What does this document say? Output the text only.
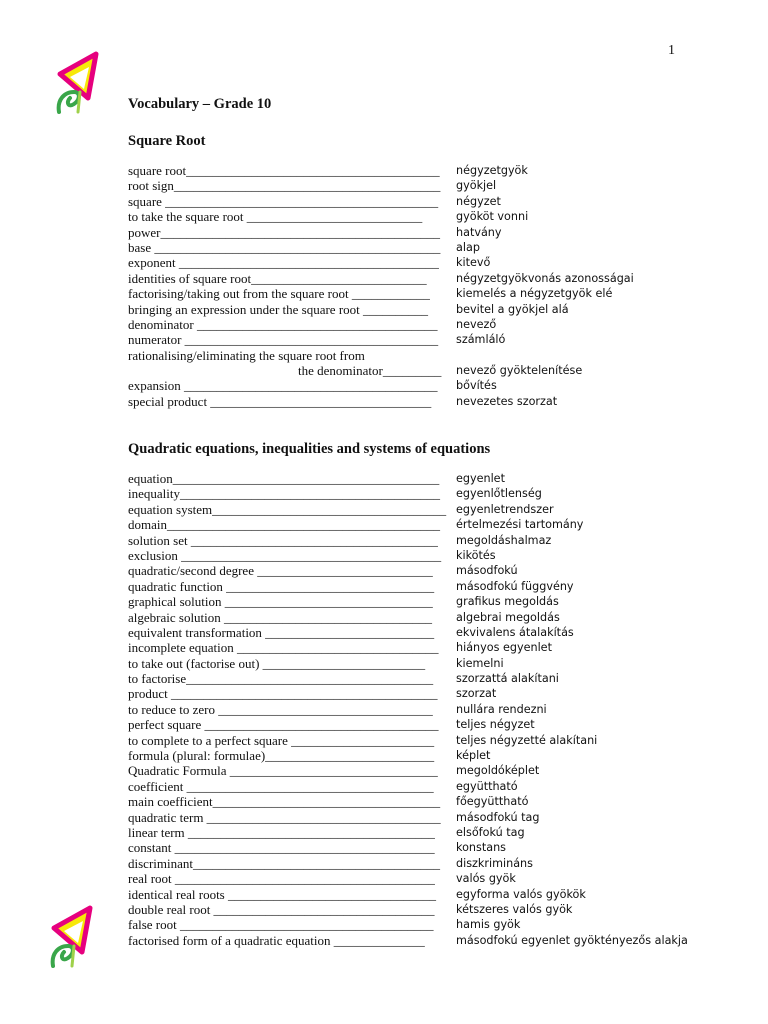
1
Vocabulary – Grade 10
Square Root
square root_______________________________________ négyzetgyök
root sign_________________________________________ gyökjel
square __________________________________________ négyzet
to take the square root ___________________________	gyököt vonni
power___________________________________________ hatvány
base ____________________________________________ alap
exponent ________________________________________ kitevő
identities of square root___________________________	négyzetgyökvonás azonosságai
factorising/taking out from the square root ____________ kiemelés a négyzetgyök elé
bringing an expression under the square root __________ bevitel a gyökjel alá
denominator _____________________________________ nevező
numerator _______________________________________ számláló
rationalising/eliminating the square root from
the denominator_________ nevező gyöktelenítése
expansion _______________________________________ bővítés
special product __________________________________ nevezetes szorzat
Quadratic equations, inequalities and systems of equations
equation_________________________________________ egyenlet
inequality________________________________________ egyenlőtlenség
equation system____________________________________ egyenletrendszer
domain__________________________________________ értelmezési tartomány
solution set ______________________________________ megoldáshalmaz
exclusion ________________________________________ kikötés
quadratic/second degree ___________________________ másodfokú
quadratic function ________________________________ másodfokú függvény
graphical solution ________________________________ grafikus megoldás
algebraic solution ________________________________ algebrai megoldás
equivalent transformation __________________________ ekvivalens átalakítás
incomplete equation _______________________________ hiányos egyenlet
to take out (factorise out) _________________________	kiemelni
to factorise______________________________________ szorzattá alakítani
product _________________________________________ szorzat
to reduce to zero _________________________________ nullára rendezni
perfect square ____________________________________ teljes négyzet
to complete to a perfect square ______________________ teljes négyzetté alakítani
formula (plural: formulae)__________________________ képlet
Quadratic Formula ________________________________ megoldóképlet
coefficient ______________________________________ együttható
main coefficient___________________________________ főegyüttható
quadratic term ____________________________________ másodfokú tag
linear term ______________________________________ elsőfokú tag
constant ________________________________________ konstans
discriminant______________________________________ diszkrimináns
real root ________________________________________ valós gyök
identical real roots ________________________________ egyforma valós gyökök
double real root __________________________________ kétszeres valós gyök
false root _______________________________________ hamis gyök
factorised form of a quadratic equation ______________	másodfokú egyenlet gyöktényezős alakja
